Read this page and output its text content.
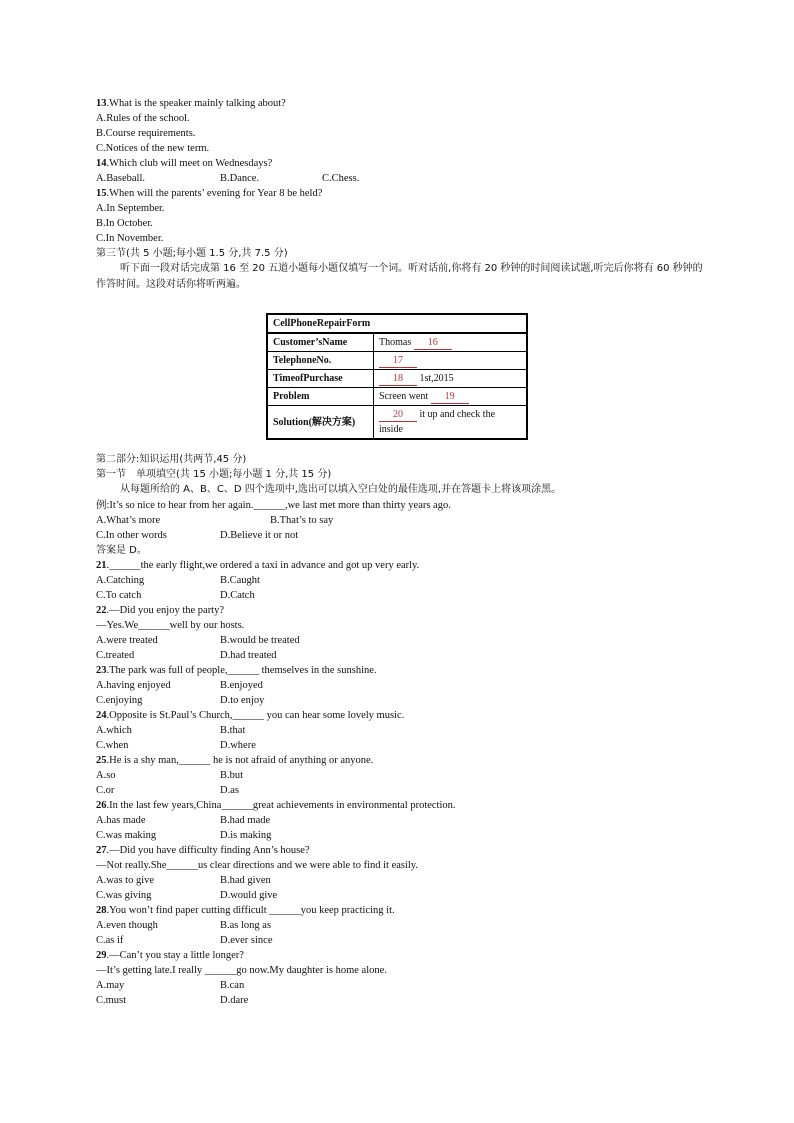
13.What is the speaker mainly talking about?
A.Rules of the school.
B.Course requirements.
C.Notices of the new term.
14.Which club will meet on Wednesdays?
A.Baseball.	B.Dance.	C.Chess.
15.When will the parents’ evening for Year 8 be held?
A.In September.
B.In October.
C.In November.
第三节(共 5 小题;每小题 1.5 分,共 7.5 分)
听下面一段对话完成第 16 至 20 五道小题每小题仅填写一个词。听对话前,你将有 20 秒钟的时间阅读试题,听完后你将有 60 秒钟的作答时间。这段对话你将听两遍。
CellPhoneRepairForm	
Customer’sName	Thomas 16
TelephoneNo.	17
TimeofPurchase	18 1st,2015
Problem	Screen went 19
Solution(解决方案)	20 it up and check the inside
第二部分:知识运用(共两节,45 分)
第一节　单项填空(共 15 小题;每小题 1 分,共 15 分)
从每题所给的 A、B、C、D 四个选项中,选出可以填入空白处的最佳选项,并在答题卡上将该项涂黑。
例:It’s so nice to hear from her again.______,we last met more than thirty years ago.
A.What’s more	B.That’s to say
C.In other words	D.Believe it or not
答案是 D。
21.______the early flight,we ordered a taxi in advance and got up very early.
A.Catching	B.Caught
C.To catch	D.Catch
22.—Did you enjoy the party?
—Yes.We______well by our hosts.
A.were treated	B.would be treated
C.treated	D.had treated
23.The park was full of people,______ themselves in the sunshine.
A.having enjoyed	B.enjoyed
C.enjoying	D.to enjoy
24.Opposite is St.Paul’s Church,______ you can hear some lovely music.
A.which	B.that
C.when	D.where
25.He is a shy man,______ he is not afraid of anything or anyone.
A.so	B.but
C.or	D.as
26.In the last few years,China______great achievements in environmental protection.
A.has made	B.had made
C.was making	D.is making
27.—Did you have difficulty finding Ann’s house?
—Not really.She______us clear directions and we were able to find it easily.
A.was to give	B.had given
C.was giving	D.would give
28.You won’t find paper cutting difficult ______you keep practicing it.
A.even though	B.as long as
C.as if	D.ever since
29.—Can’t you stay a little longer?
—It’s getting late.I really ______go now.My daughter is home alone.
A.may	B.can
C.must	D.dare
